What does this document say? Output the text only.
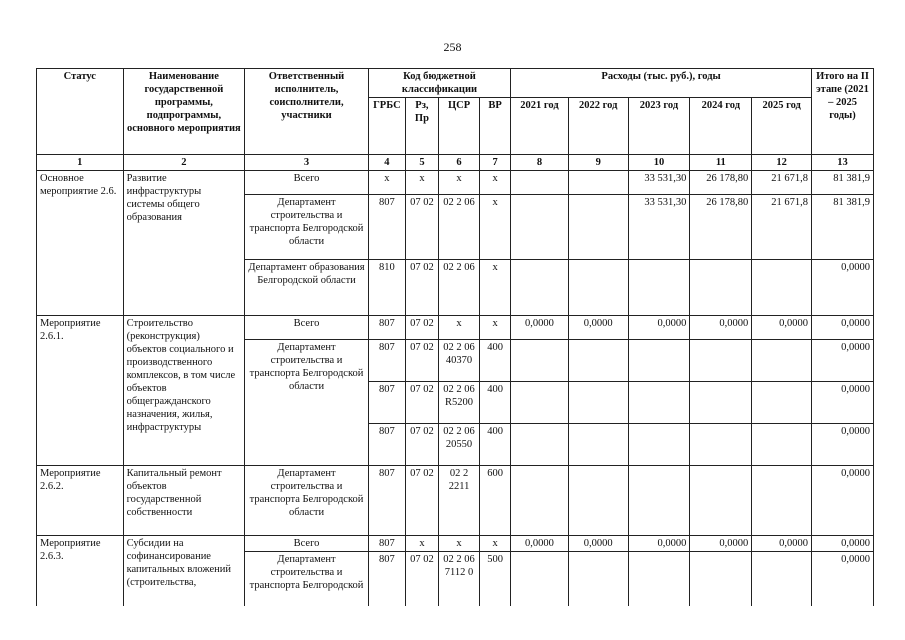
258
Статус	Наименование государственной программы, подпрограммы, основного мероприятия	Ответственный исполнитель, соисполнители, участники	Код бюджетной классификации				Расходы (тыс. руб.), годы					Итого на II этапе (2021 – 2025 годы)
			ГРБС	Рз, Пр	ЦСР	ВР	2021 год	2022 год	2023 год	2024 год	2025 год	
1	2	3	4	5	6	7	8	9	10	11	12	13
Основное мероприятие 2.6.	Развитие инфраструктуры системы общего образования	Всего	х	х	х	х			33 531,30	26 178,80	21 671,8	81 381,9
		Департамент строительства и транспорта Белгородской области	807	07 02	02 2 06	х			33 531,30	26 178,80	21 671,8	81 381,9
		Департамент образования Белгородской области	810	07 02	02 2 06	х						0,0000
Мероприятие 2.6.1.	Строительство (реконструкция) объектов социального и производственного комплексов, в том числе объектов общегражданского назначения, жилья, инфраструктуры	Всего	807	07 02	х	х	0,0000	0,0000	0,0000	0,0000	0,0000	0,0000
		Департамент строительства и транспорта Белгородской области	807	07 02	02 2 06 40370	400						0,0000
			807	07 02	02 2 06 R5200	400						0,0000
			807	07 02	02 2 06 20550	400						0,0000
Мероприятие 2.6.2.	Капитальный ремонт объектов государственной собственности	Департамент строительства и транспорта Белгородской области	807	07 02	02 2 2211	600						0,0000
Мероприятие 2.6.3.	Субсидии на софинансирование капитальных вложений (строительства,	Всего	807	х	х	х	0,0000	0,0000	0,0000	0,0000	0,0000	0,0000
		Департамент строительства и транспорта Белгородской	807	07 02	02 2 06 7112 0	500						0,0000
